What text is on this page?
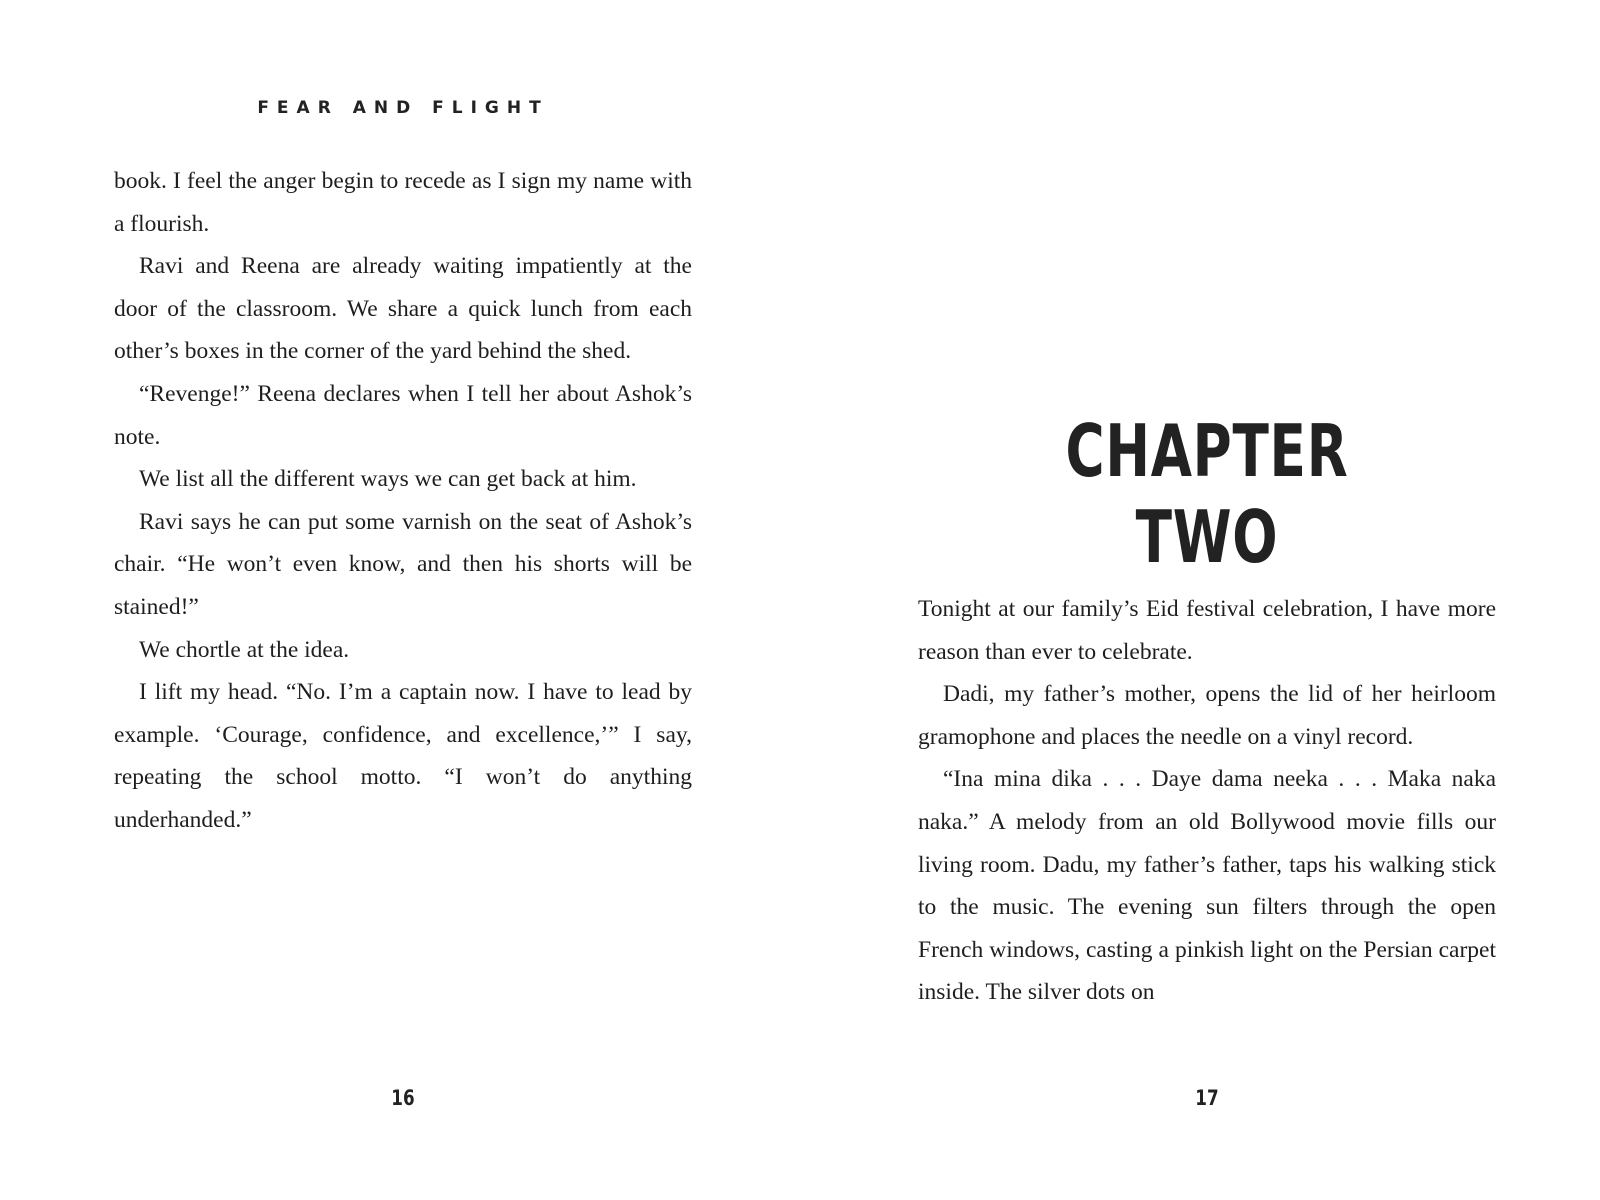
FEAR AND FLIGHT

book. I feel the anger begin to recede as I sign my name with a flourish.

Ravi and Reena are already waiting impatiently at the door of the classroom. We share a quick lunch from each other’s boxes in the corner of the yard behind the shed.

“Revenge!” Reena declares when I tell her about Ashok’s note.

We list all the different ways we can get back at him.

Ravi says he can put some varnish on the seat of Ashok’s chair. “He won’t even know, and then his shorts will be stained!”

We chortle at the idea.

I lift my head. “No. I’m a captain now. I have to lead by example. ‘Courage, confidence, and excellence,’” I say, repeating the school motto. “I won’t do anything underhanded.”

16
CHAPTER TWO

Tonight at our family’s Eid festival celebration, I have more reason than ever to celebrate.

Dadi, my father’s mother, opens the lid of her heirloom gramophone and places the needle on a vinyl record.

“Ina mina dika . . . Daye dama neeka . . . Maka naka naka.” A melody from an old Bollywood movie fills our living room. Dadu, my father’s father, taps his walking stick to the music. The evening sun filters through the open French windows, casting a pinkish light on the Persian carpet inside. The silver dots on

17
